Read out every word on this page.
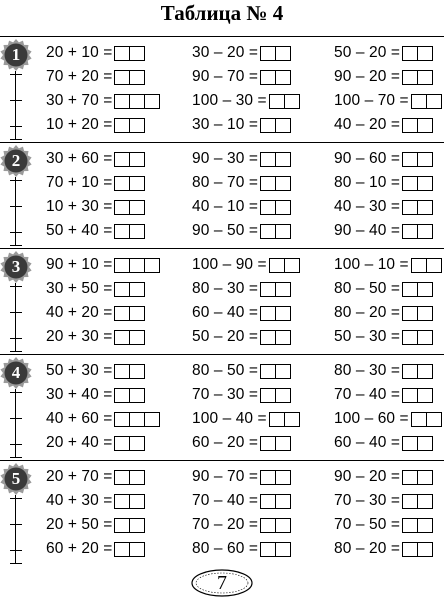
Таблица № 4
1	20 + 10 =	30 – 20 =	50 – 20 =
70 + 20 =	90 – 70 =	90 – 20 =
30 + 70 =	100 – 30 =	100 – 70 =
10 + 20 =	30 – 10 =	40 – 20 =
2	30 + 60 =	90 – 30 =	90 – 60 =
70 + 10 =	80 – 70 =	80 – 10 =
10 + 30 =	40 – 10 =	40 – 30 =
50 + 40 =	90 – 50 =	90 – 40 =
3	90 + 10 =	100 – 90 =	100 – 10 =
30 + 50 =	80 – 30 =	80 – 50 =
40 + 20 =	60 – 40 =	80 – 20 =
20 + 30 =	50 – 20 =	50 – 30 =
4	50 + 30 =	80 – 50 =	80 – 30 =
30 + 40 =	70 – 30 =	70 – 40 =
40 + 60 =	100 – 40 =	100 – 60 =
20 + 40 =	60 – 20 =	60 – 40 =
5	20 + 70 =	90 – 70 =	90 – 20 =
40 + 30 =	70 – 40 =	70 – 30 =
20 + 50 =	70 – 20 =	70 – 50 =
60 + 20 =	80 – 60 =	80 – 20 =
7
